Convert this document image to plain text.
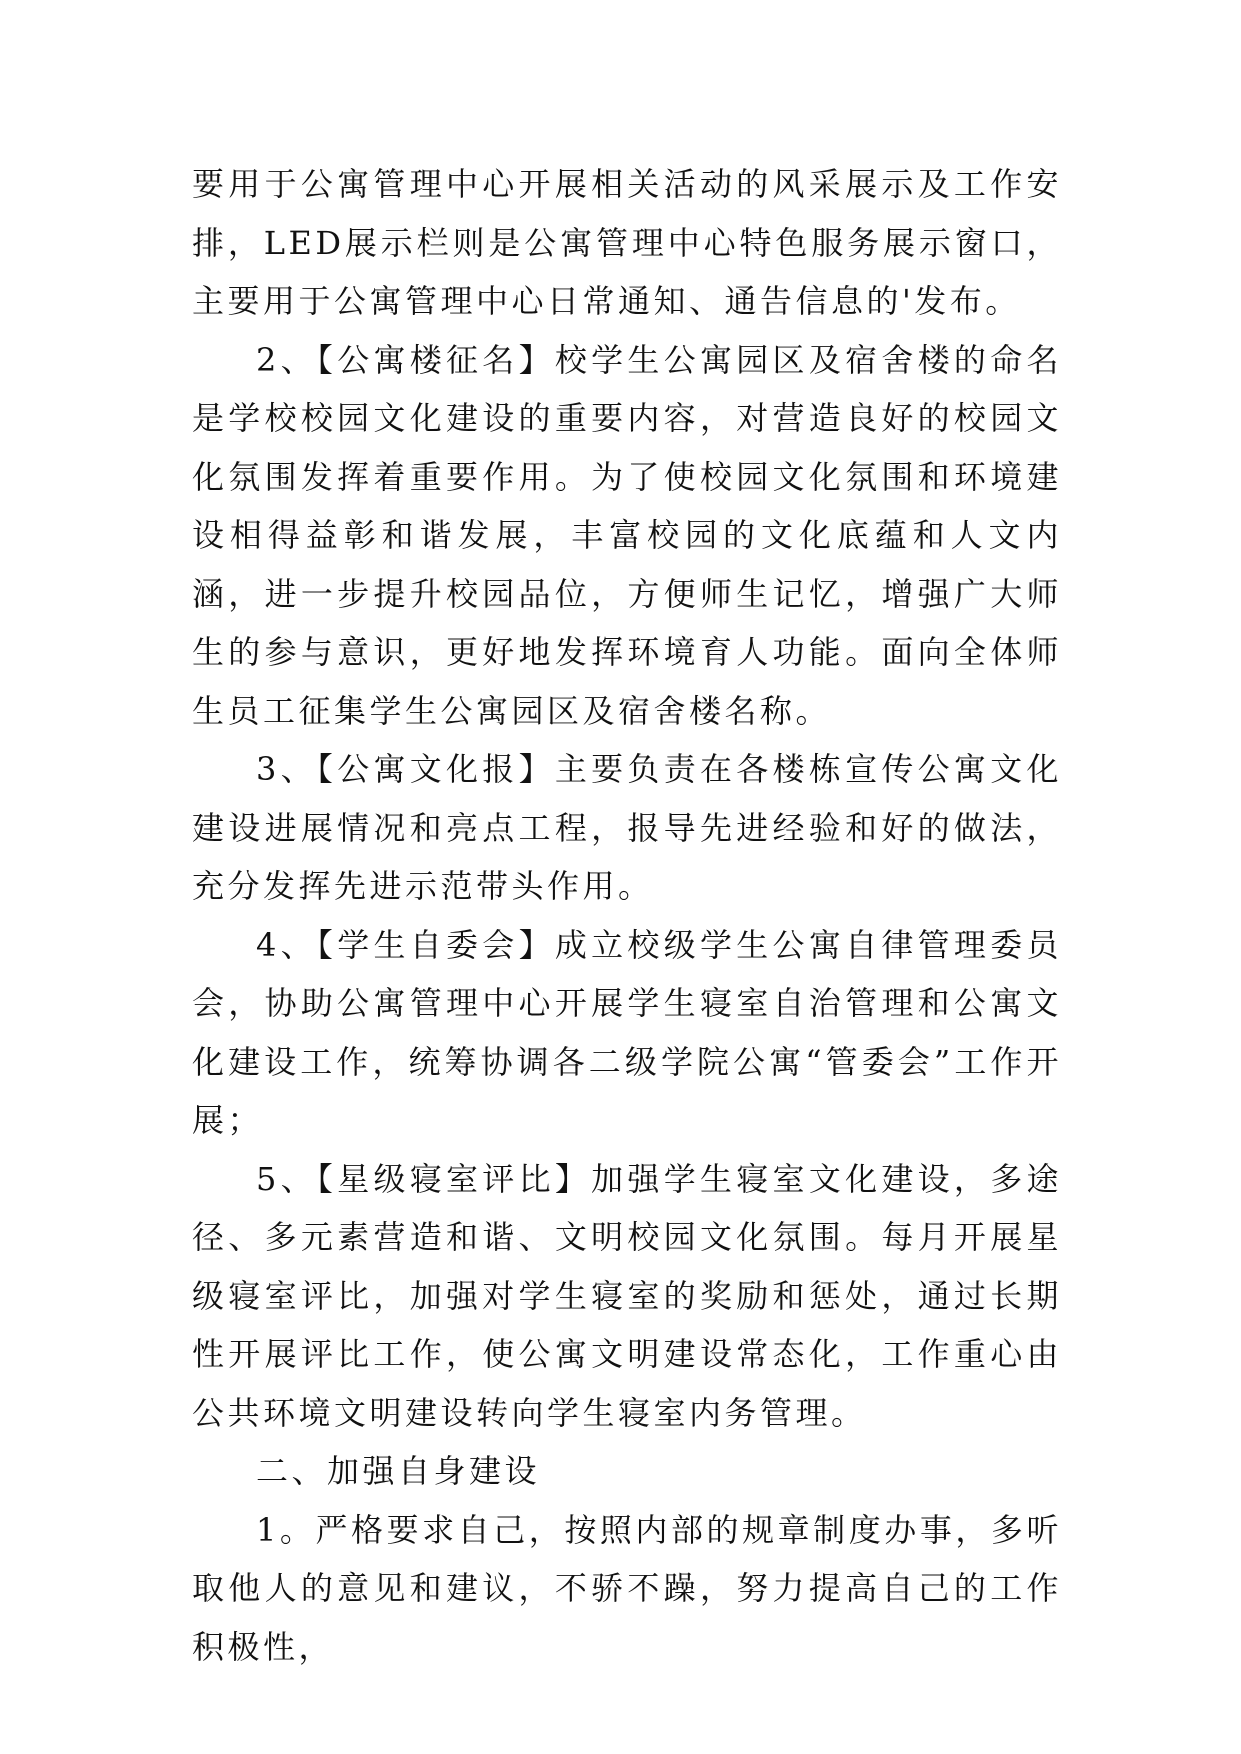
要用于公寓管理中心开展相关活动的风采展示及工作安排，LED展示栏则是公寓管理中心特色服务展示窗口，主要用于公寓管理中心日常通知、通告信息的'发布。

2、【公寓楼征名】校学生公寓园区及宿舍楼的命名是学校校园文化建设的重要内容，对营造良好的校园文化氛围发挥着重要作用。为了使校园文化氛围和环境建设相得益彰和谐发展，丰富校园的文化底蕴和人文内涵，进一步提升校园品位，方便师生记忆，增强广大师生的参与意识，更好地发挥环境育人功能。面向全体师生员工征集学生公寓园区及宿舍楼名称。

3、【公寓文化报】主要负责在各楼栋宣传公寓文化建设进展情况和亮点工程，报导先进经验和好的做法，充分发挥先进示范带头作用。

4、【学生自委会】成立校级学生公寓自律管理委员会，协助公寓管理中心开展学生寝室自治管理和公寓文化建设工作，统筹协调各二级学院公寓“管委会”工作开展；

5、【星级寝室评比】加强学生寝室文化建设，多途径、多元素营造和谐、文明校园文化氛围。每月开展星级寝室评比，加强对学生寝室的奖励和惩处，通过长期性开展评比工作，使公寓文明建设常态化，工作重心由公共环境文明建设转向学生寝室内务管理。

二、加强自身建设

1。严格要求自己，按照内部的规章制度办事，多听取他人的意见和建议，不骄不躁，努力提高自己的工作积极性，
